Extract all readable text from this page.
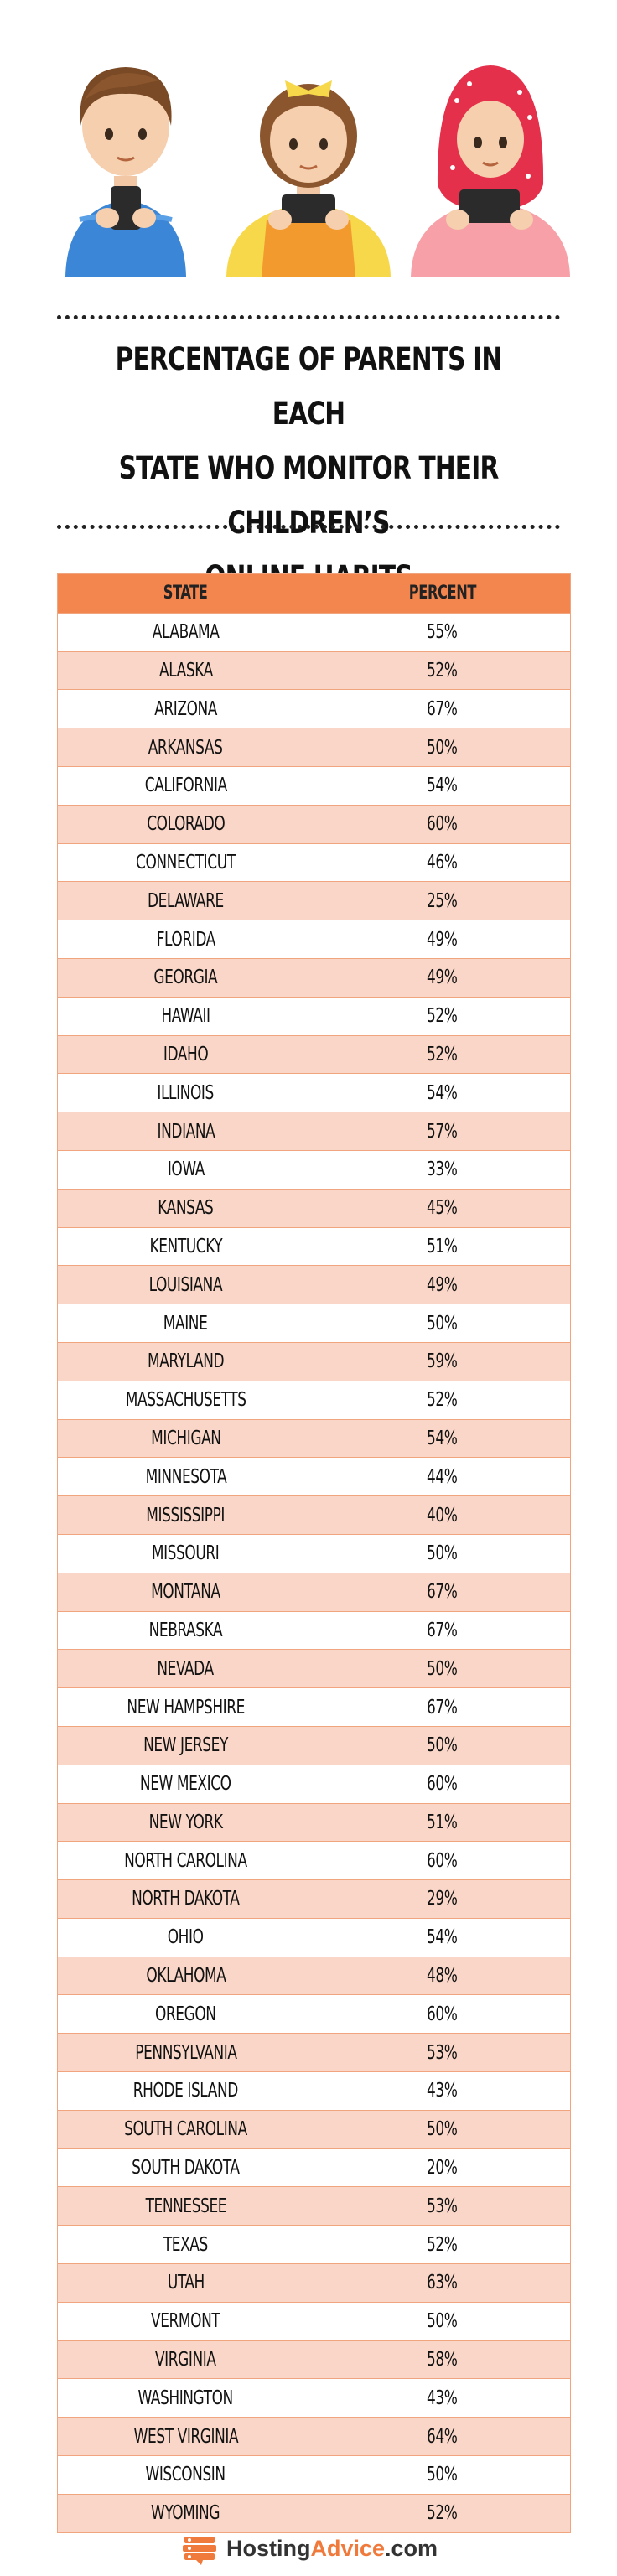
PERCENTAGE OF PARENTS IN EACH
STATE WHO MONITOR THEIR CHILDREN’S
STATE	PERCENT
ALABAMA	55%
ALASKA	52%
ARIZONA	67%
ARKANSAS	50%
CALIFORNIA	54%
COLORADO	60%
CONNECTICUT	46%
DELAWARE	25%
FLORIDA	49%
GEORGIA	49%
HAWAII	52%
IDAHO	52%
ILLINOIS	54%
INDIANA	57%
IOWA	33%
KANSAS	45%
KENTUCKY	51%
LOUISIANA	49%
MAINE	50%
MARYLAND	59%
MASSACHUSETTS	52%
MICHIGAN	54%
MINNESOTA	44%
MISSISSIPPI	40%
MISSOURI	50%
MONTANA	67%
NEBRASKA	67%
NEVADA	50%
NEW HAMPSHIRE	67%
NEW JERSEY	50%
NEW MEXICO	60%
NEW YORK	51%
NORTH CAROLINA	60%
NORTH DAKOTA	29%
OHIO	54%
OKLAHOMA	48%
OREGON	60%
PENNSYLVANIA	53%
RHODE ISLAND	43%
SOUTH CAROLINA	50%
SOUTH DAKOTA	20%
TENNESSEE	53%
TEXAS	52%
UTAH	63%
VERMONT	50%
VIRGINIA	58%
WASHINGTON	43%
WEST VIRGINIA	64%
WISCONSIN	50%
WYOMING	52%
HostingAdvice.com
